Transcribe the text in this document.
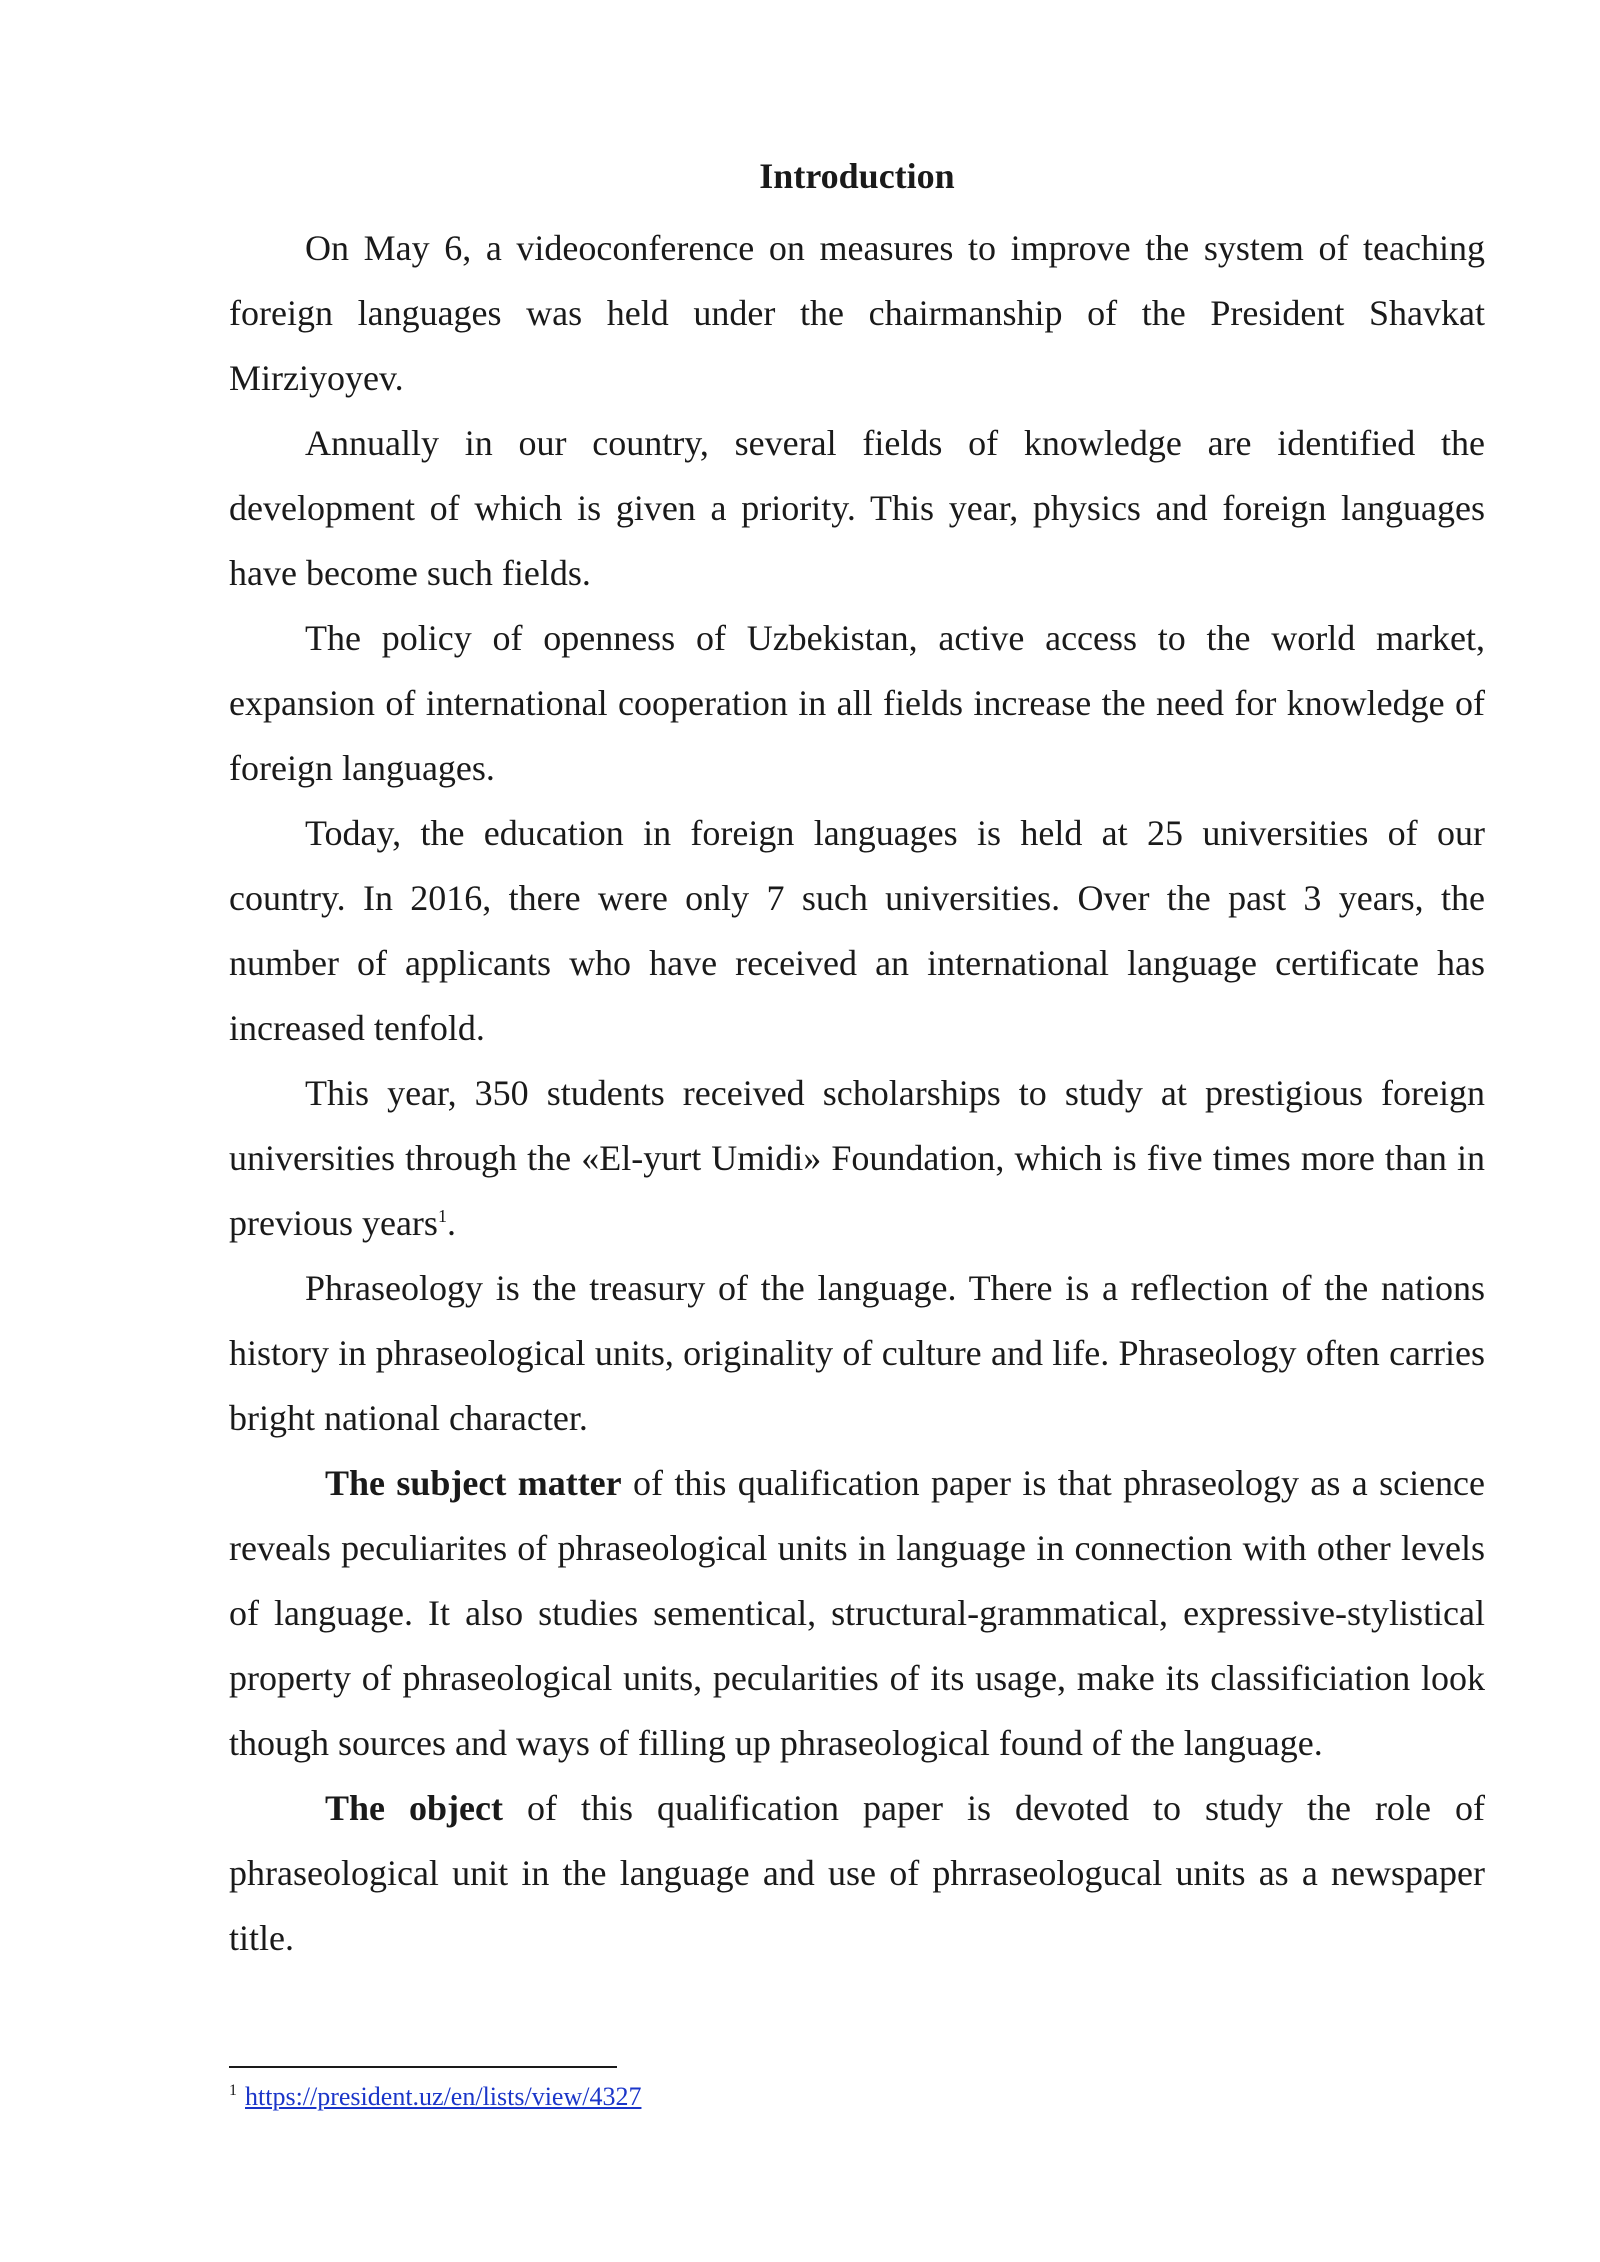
Introduction

On May 6, a videoconference on measures to improve the system of teaching foreign languages was held under the chairmanship of the President Shavkat Mirziyoyev.

Annually in our country, several fields of knowledge are identified the development of which is given a priority. This year, physics and foreign languages have become such fields.

The policy of openness of Uzbekistan, active access to the world market, expansion of international cooperation in all fields increase the need for knowledge of foreign languages.

Today, the education in foreign languages is held at 25 universities of our country. In 2016, there were only 7 such universities. Over the past 3 years, the number of applicants who have received an international language certificate has increased tenfold.

This year, 350 students received scholarships to study at prestigious foreign universities through the «El-yurt Umidi» Foundation, which is five times more than in previous years$^1$.

Phraseology is the treasury of the language. There is a reflection of the nations history in phraseological units, originality of culture and life. Phraseology often carries bright national character.

The subject matter of this qualification paper is that phraseology as a science reveals peculiarites of phraseological units in language in connection with other levels of language. It also studies sementical, structural-grammatical, expressive-stylistical property of phraseological units, pecularities of its usage, make its classificiation look though sources and ways of filling up phraseological found of the language.

The object of this qualification paper is devoted to study the role of phraseological unit in the language and use of phrraseologucal units as a newspaper title.

$^1$ https://president.uz/en/lists/view/4327
